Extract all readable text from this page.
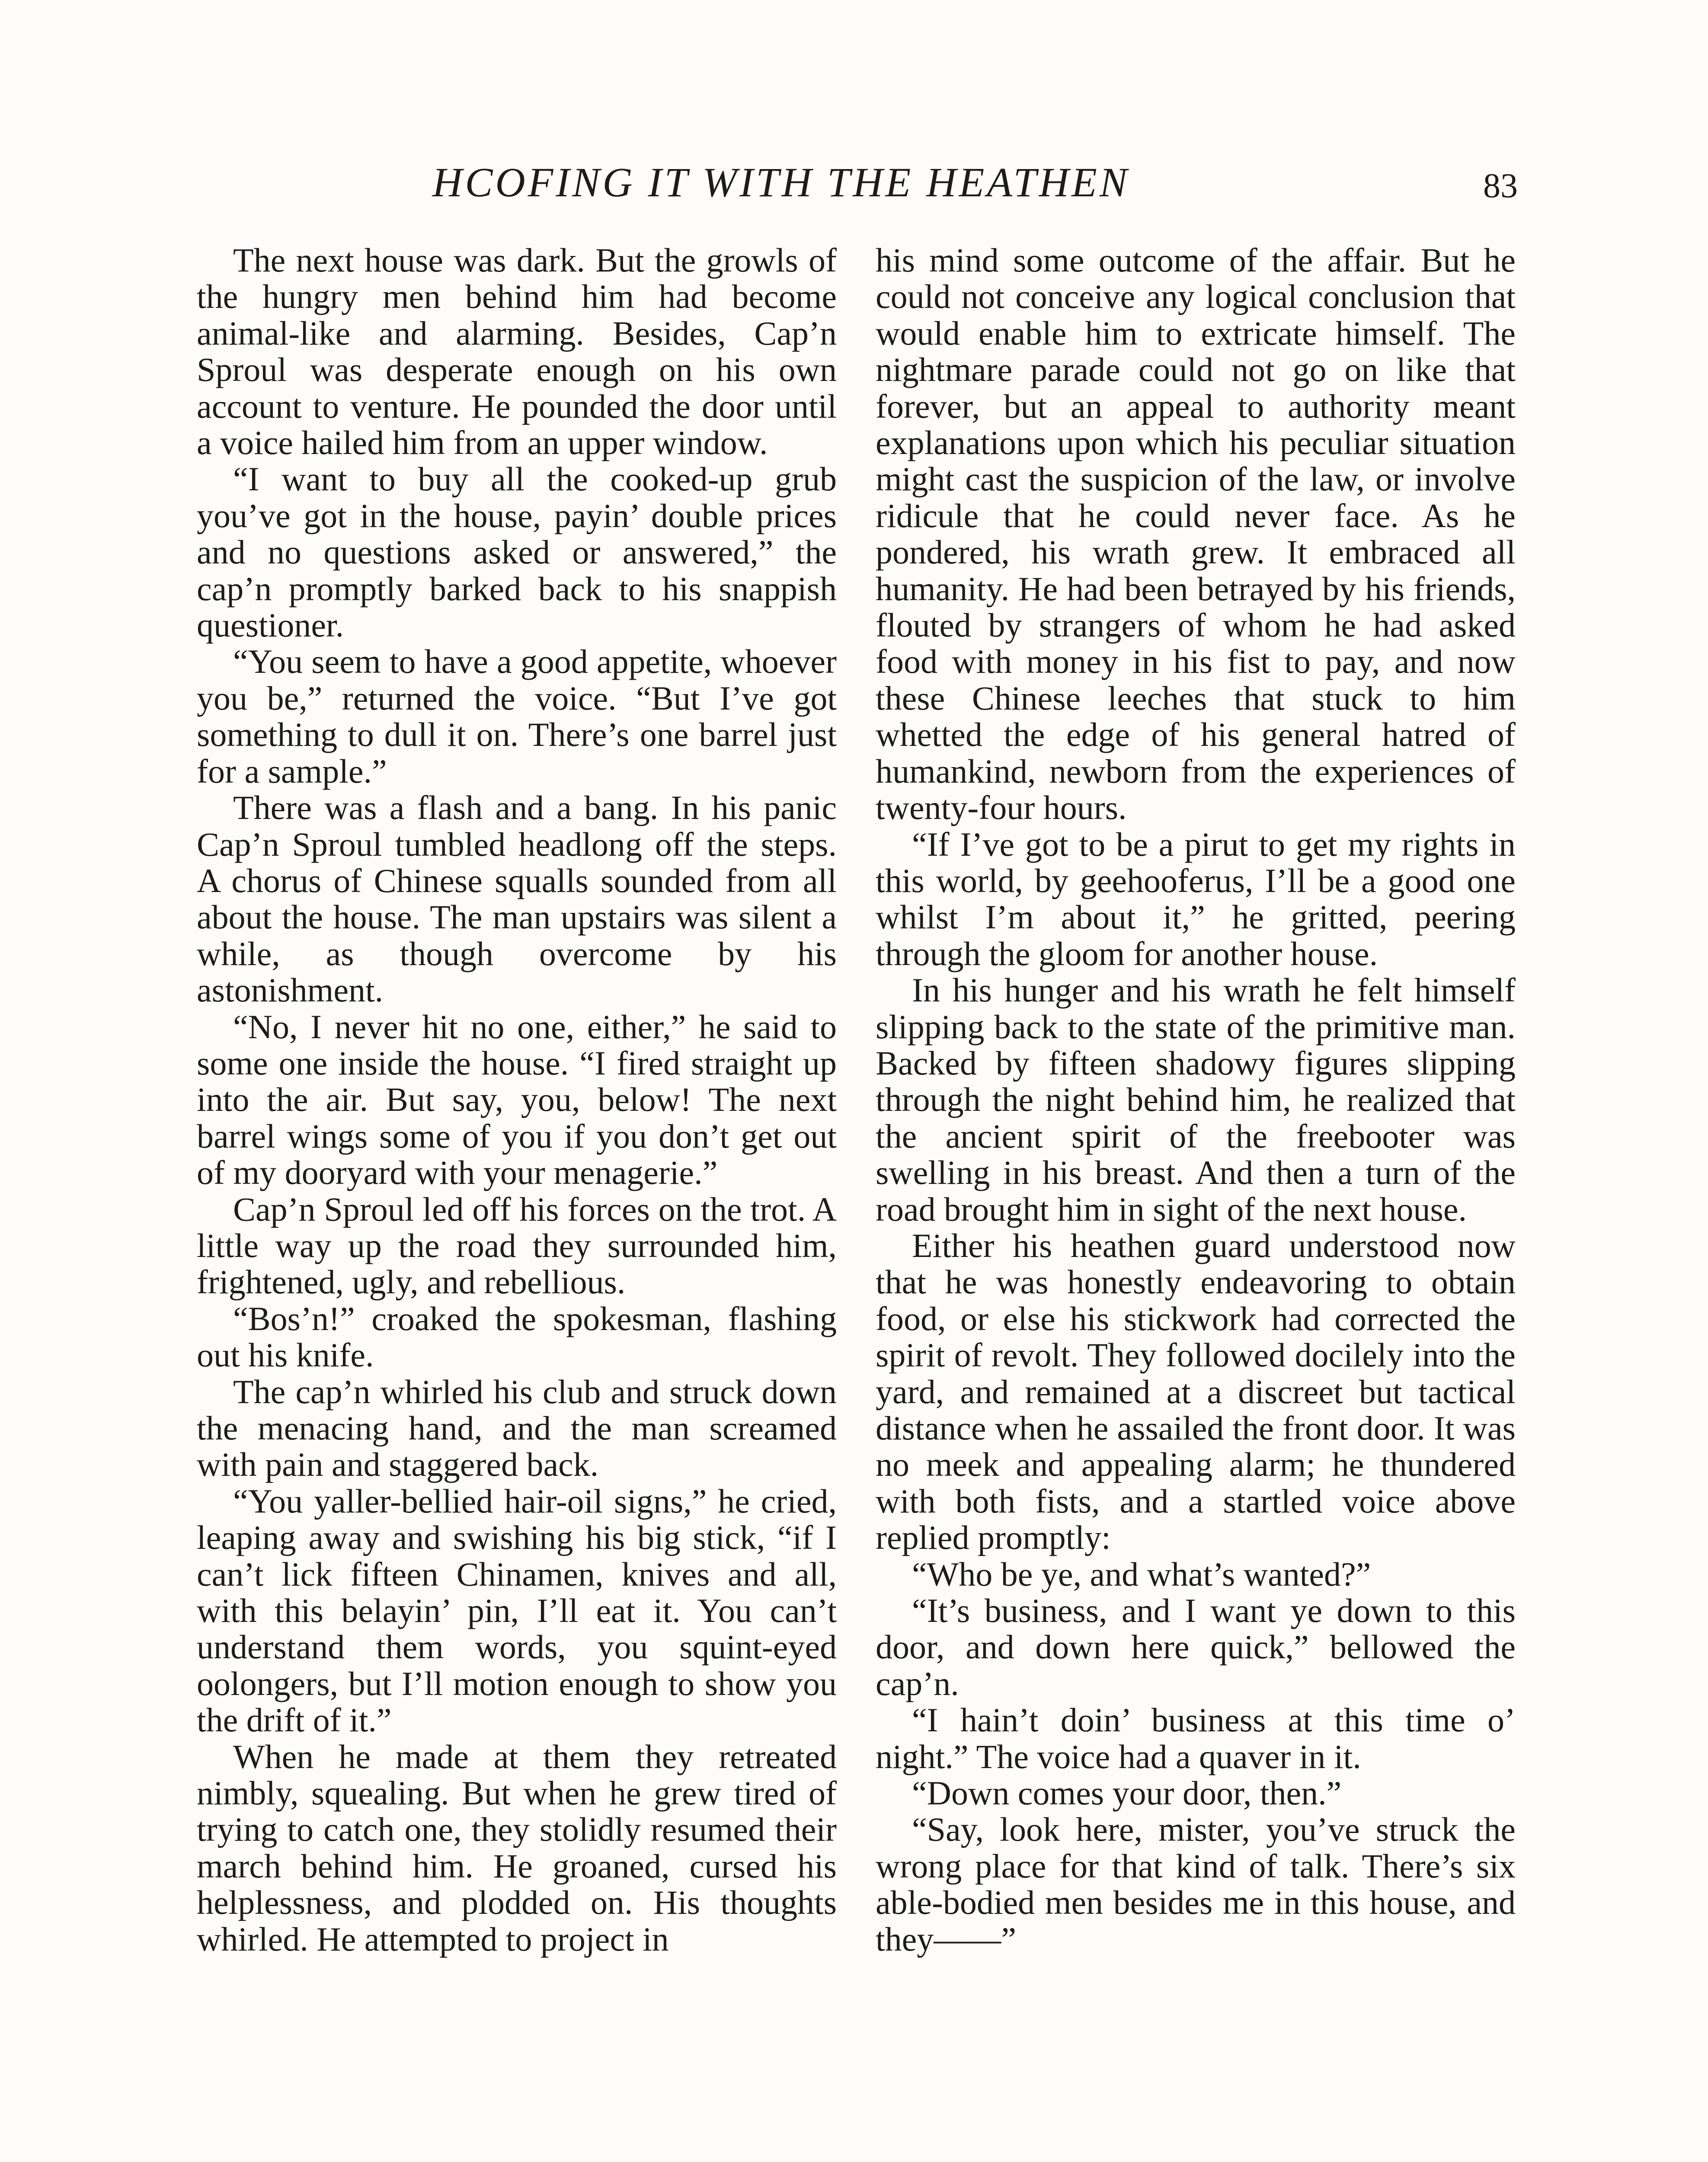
HCOFING IT WITH THE HEATHEN	83

The next house was dark. But the growls of the hungry men behind him had become animal-like and alarming. Besides, Cap’n Sproul was desperate enough on his own account to venture. He pounded the door until a voice hailed him from an upper window.

“I want to buy all the cooked-up grub you’ve got in the house, payin’ double prices and no questions asked or answered,” the cap’n promptly barked back to his snappish questioner.

“You seem to have a good appetite, whoever you be,” returned the voice. “But I’ve got something to dull it on. There’s one barrel just for a sample.”

There was a flash and a bang. In his panic Cap’n Sproul tumbled headlong off the steps. A chorus of Chinese squalls sounded from all about the house. The man upstairs was silent a while, as though overcome by his astonishment.

“No, I never hit no one, either,” he said to some one inside the house. “I fired straight up into the air. But say, you, below! The next barrel wings some of you if you don’t get out of my dooryard with your menagerie.”

Cap’n Sproul led off his forces on the trot. A little way up the road they surrounded him, frightened, ugly, and rebellious.

“Bos’n!” croaked the spokesman, flashing out his knife.

The cap’n whirled his club and struck down the menacing hand, and the man screamed with pain and staggered back.

“You yaller-bellied hair-oil signs,” he cried, leaping away and swishing his big stick, “if I can’t lick fifteen Chinamen, knives and all, with this belayin’ pin, I’ll eat it. You can’t understand them words, you squint-eyed oolongers, but I’ll motion enough to show you the drift of it.”

When he made at them they retreated nimbly, squealing. But when he grew tired of trying to catch one, they stolidly resumed their march behind him. He groaned, cursed his helplessness, and plodded on. His thoughts whirled. He attempted to project in

his mind some outcome of the affair. But he could not conceive any logical conclusion that would enable him to extricate himself. The nightmare parade could not go on like that forever, but an appeal to authority meant explanations upon which his peculiar situation might cast the suspicion of the law, or involve ridicule that he could never face. As he pondered, his wrath grew. It embraced all humanity. He had been betrayed by his friends, flouted by strangers of whom he had asked food with money in his fist to pay, and now these Chinese leeches that stuck to him whetted the edge of his general hatred of humankind, newborn from the experiences of twenty-four hours.

“If I’ve got to be a pirut to get my rights in this world, by geehooferus, I’ll be a good one whilst I’m about it,” he gritted, peering through the gloom for another house.

In his hunger and his wrath he felt himself slipping back to the state of the primitive man. Backed by fifteen shadowy figures slipping through the night behind him, he realized that the ancient spirit of the freebooter was swelling in his breast. And then a turn of the road brought him in sight of the next house.

Either his heathen guard understood now that he was honestly endeavoring to obtain food, or else his stickwork had corrected the spirit of revolt. They followed docilely into the yard, and remained at a discreet but tactical distance when he assailed the front door. It was no meek and appealing alarm; he thundered with both fists, and a startled voice above replied promptly:

“Who be ye, and what’s wanted?”

“It’s business, and I want ye down to this door, and down here quick,” bellowed the cap’n.

“I hain’t doin’ business at this time o’ night.” The voice had a quaver in it.

“Down comes your door, then.”

“Say, look here, mister, you’ve struck the wrong place for that kind of talk. There’s six able-bodied men besides me in this house, and they——”
